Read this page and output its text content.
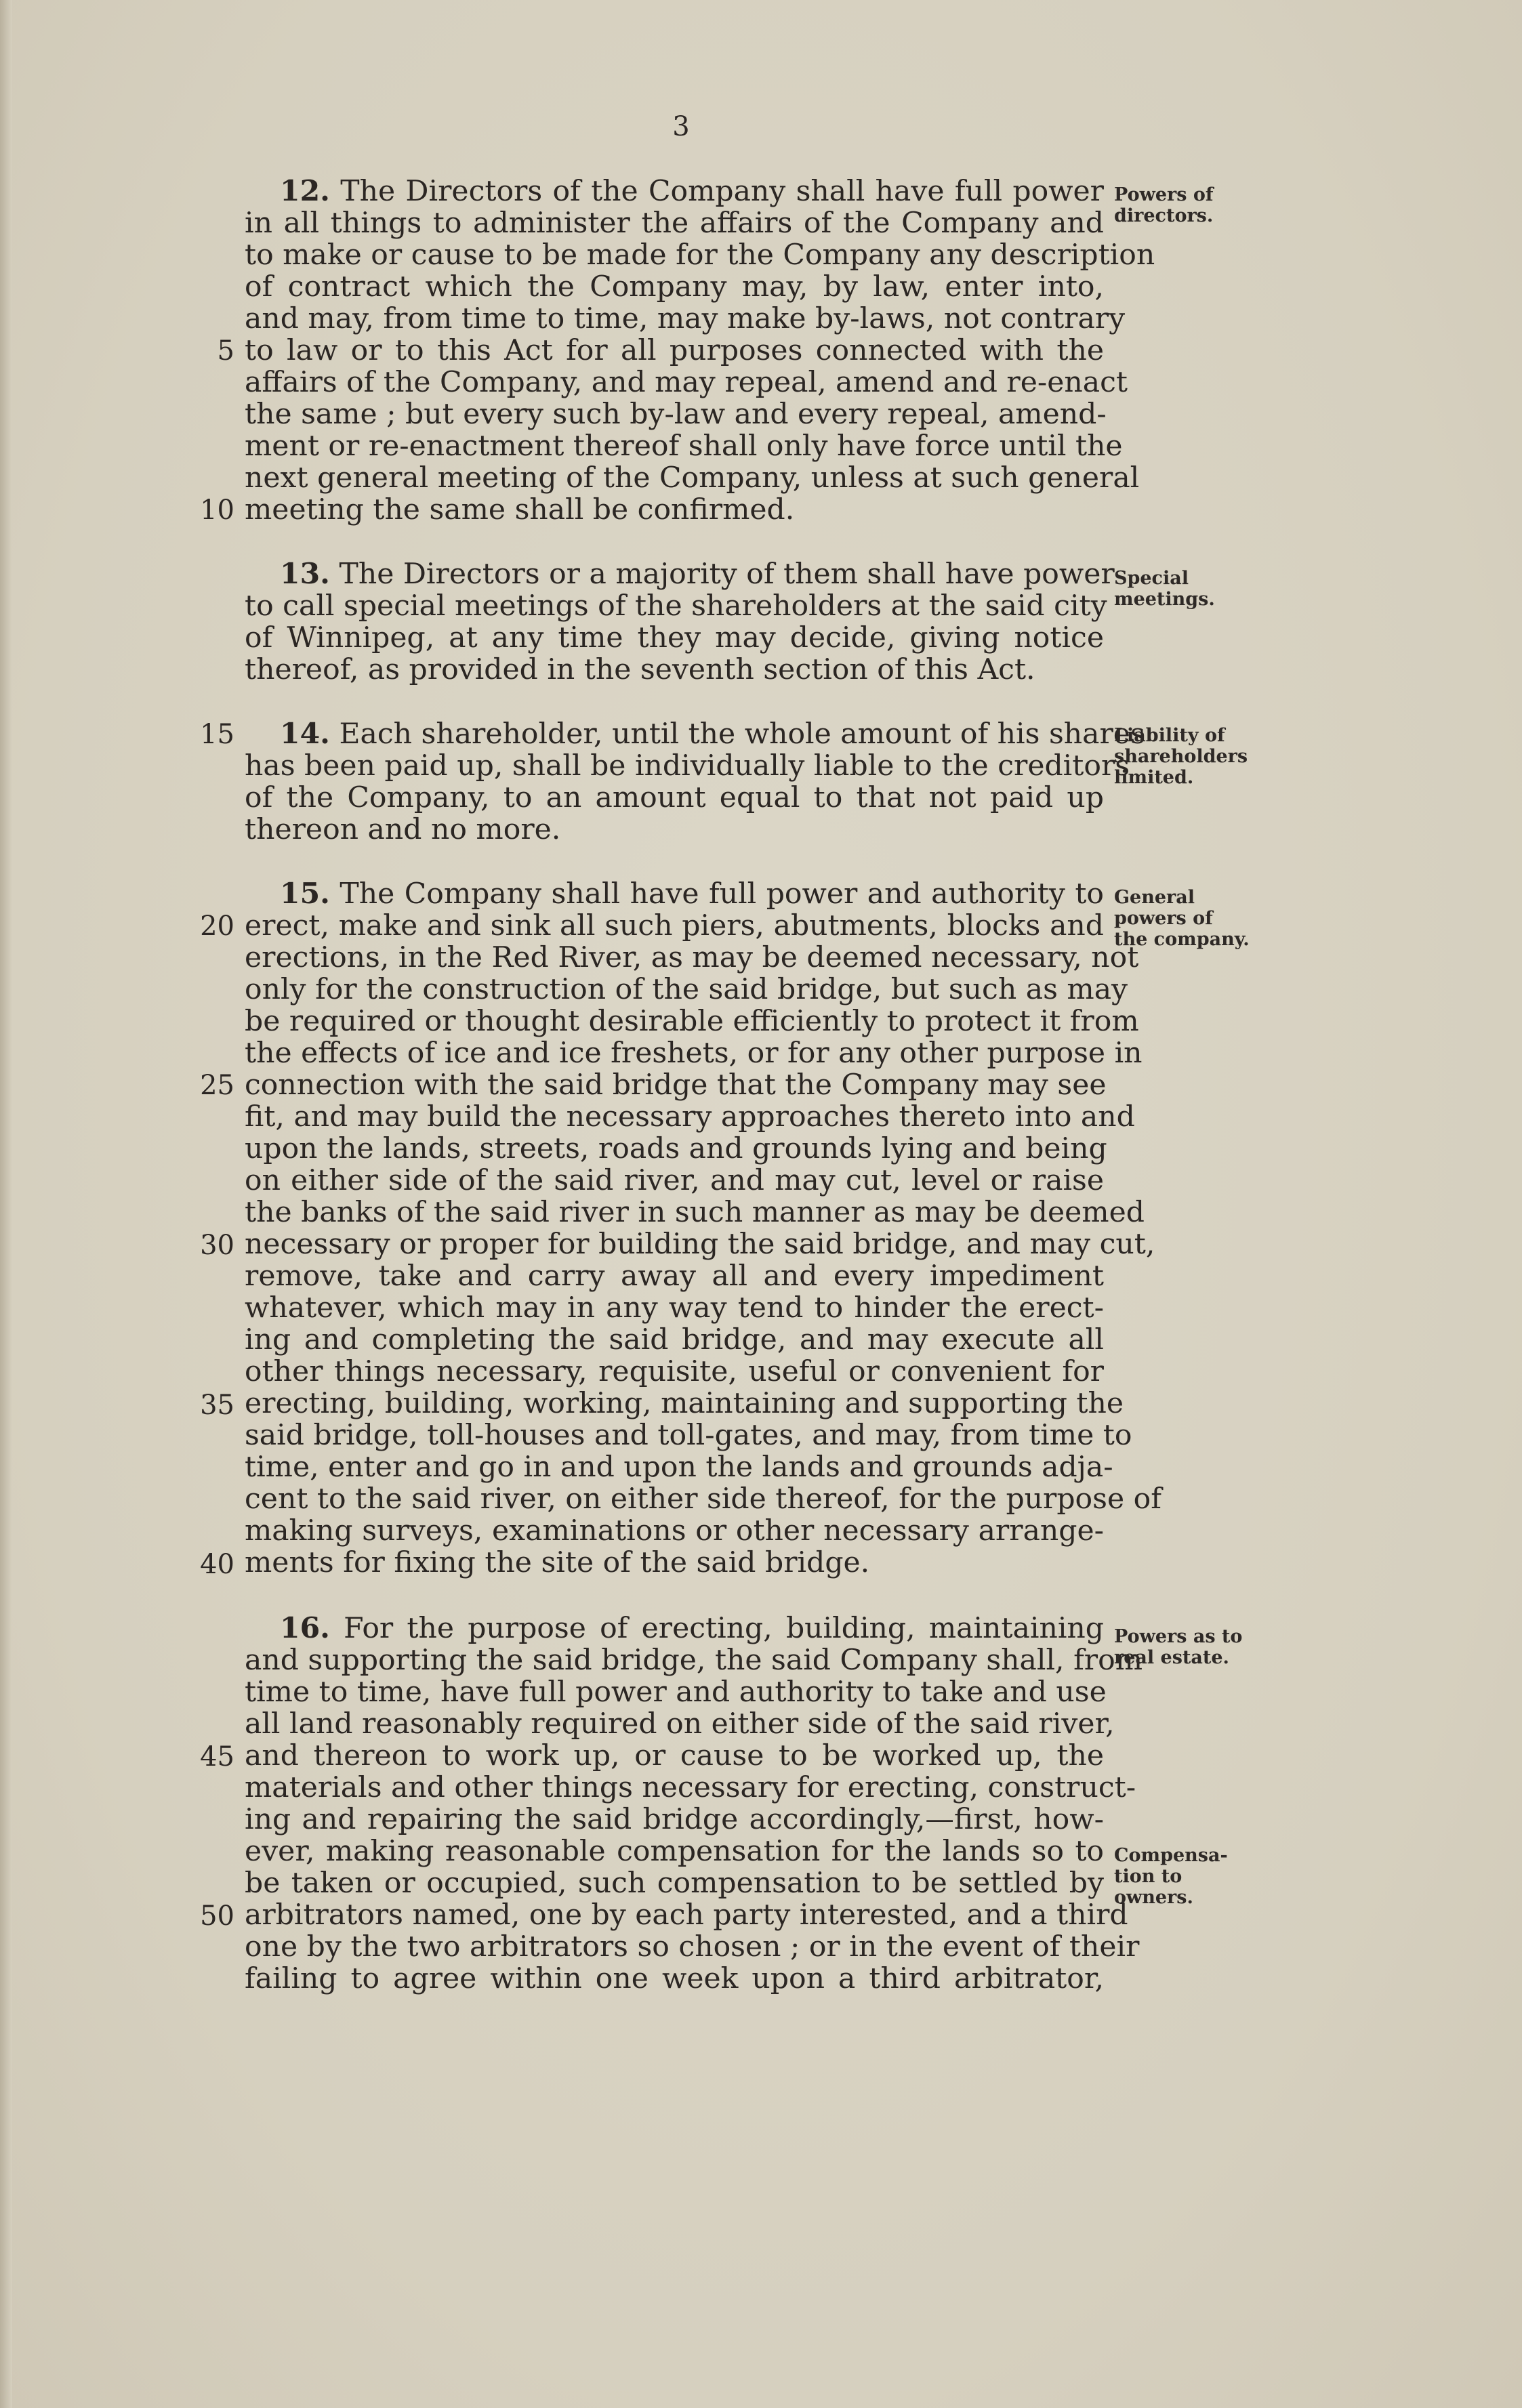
3
5
10
15
20
25
30
35
40
45
50
12. The Directors of the Company shall have full power
in all things to administer the affairs of the Company and
to make or cause to be made for the Company any description
of contract which the Company may, by law, enter into,
and may, from time to time, may make by-laws, not contrary
to law or to this Act for all purposes connected with the
affairs of the Company, and may repeal, amend and re-enact
the same ; but every such by-law and every repeal, amend-
ment or re-enactment thereof shall only have force until the
next general meeting of the Company, unless at such general
meeting the same shall be confirmed.
13. The Directors or a majority of them shall have power
to call special meetings of the shareholders at the said city
of Winnipeg, at any time they may decide, giving notice
thereof, as provided in the seventh section of this Act.
14. Each shareholder, until the whole amount of his shares
has been paid up, shall be individually liable to the creditors
of the Company, to an amount equal to that not paid up
thereon and no more.
15. The Company shall have full power and authority to
erect, make and sink all such piers, abutments, blocks and
erections, in the Red River, as may be deemed necessary, not
only for the construction of the said bridge, but such as may
be required or thought desirable efficiently to protect it from
the effects of ice and ice freshets, or for any other purpose in
connection with the said bridge that the Company may see
fit, and may build the necessary approaches thereto into and
upon the lands, streets, roads and grounds lying and being
on either side of the said river, and may cut, level or raise
the banks of the said river in such manner as may be deemed
necessary or proper for building the said bridge, and may cut,
remove, take and carry away all and every impediment
whatever, which may in any way tend to hinder the erect-
ing and completing the said bridge, and may execute all
other things necessary, requisite, useful or convenient for
erecting, building, working, maintaining and supporting the
said bridge, toll-houses and toll-gates, and may, from time to
time, enter and go in and upon the lands and grounds adja-
cent to the said river, on either side thereof, for the purpose of
making surveys, examinations or other necessary arrange-
ments for fixing the site of the said bridge.
16. For the purpose of erecting, building, maintaining
and supporting the said bridge, the said Company shall, from
time to time, have full power and authority to take and use
all land reasonably required on either side of the said river,
and thereon to work up, or cause to be worked up, the
materials and other things necessary for erecting, construct-
ing and repairing the said bridge accordingly,—first, how-
ever, making reasonable compensation for the lands so to
be taken or occupied, such compensation to be settled by
arbitrators named, one by each party interested, and a third
one by the two arbitrators so chosen ; or in the event of their
failing to agree within one week upon a third arbitrator,
Powers of
directors.
Special
meetings.
Liability of
shareholders
limited.
General
powers of
the company.
Powers as to
real estate.
Compensa-
tion to
owners.
